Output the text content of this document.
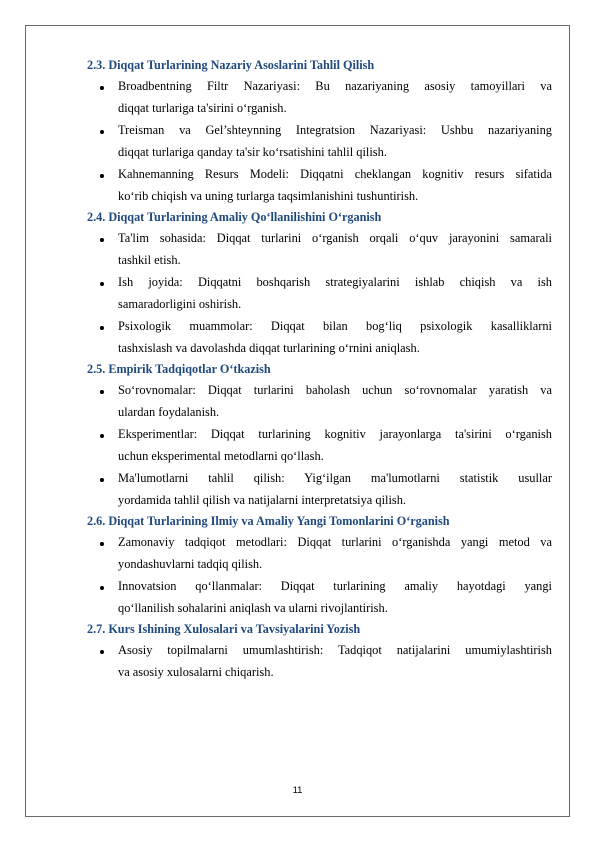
2.3. Diqqat Turlarining Nazariy Asoslarini Tahlil Qilish
Broadbentning Filtr Nazariyasi: Bu nazariyaning asosiy tamoyillari va
diqqat turlariga ta'sirini o‘rganish.
Treisman va Gel’shteynning Integratsion Nazariyasi: Ushbu nazariyaning
diqqat turlariga qanday ta'sir ko‘rsatishini tahlil qilish.
Kahnemanning Resurs Modeli: Diqqatni cheklangan kognitiv resurs sifatida
ko‘rib chiqish va uning turlarga taqsimlanishini tushuntirish.
2.4. Diqqat Turlarining Amaliy Qo‘llanilishini O‘rganish
Ta'lim sohasida: Diqqat turlarini o‘rganish orqali o‘quv jarayonini samarali
tashkil etish.
Ish joyida: Diqqatni boshqarish strategiyalarini ishlab chiqish va ish
samaradorligini oshirish.
Psixologik muammolar: Diqqat bilan bog‘liq psixologik kasalliklarni
tashxislash va davolashda diqqat turlarining o‘rnini aniqlash.
2.5. Empirik Tadqiqotlar O‘tkazish
So‘rovnomalar: Diqqat turlarini baholash uchun so‘rovnomalar yaratish va
ulardan foydalanish.
Eksperimentlar: Diqqat turlarining kognitiv jarayonlarga ta'sirini o‘rganish
uchun eksperimental metodlarni qo‘llash.
Ma'lumotlarni tahlil qilish: Yig‘ilgan ma'lumotlarni statistik usullar
yordamida tahlil qilish va natijalarni interpretatsiya qilish.
2.6. Diqqat Turlarining Ilmiy va Amaliy Yangi Tomonlarini O‘rganish
Zamonaviy tadqiqot metodlari: Diqqat turlarini o‘rganishda yangi metod va
yondashuvlarni tadqiq qilish.
Innovatsion qo‘llanmalar: Diqqat turlarining amaliy hayotdagi yangi
qo‘llanilish sohalarini aniqlash va ularni rivojlantirish.
2.7. Kurs Ishining Xulosalari va Tavsiyalarini Yozish
Asosiy topilmalarni umumlashtirish: Tadqiqot natijalarini umumiylashtirish
va asosiy xulosalarni chiqarish.
11
